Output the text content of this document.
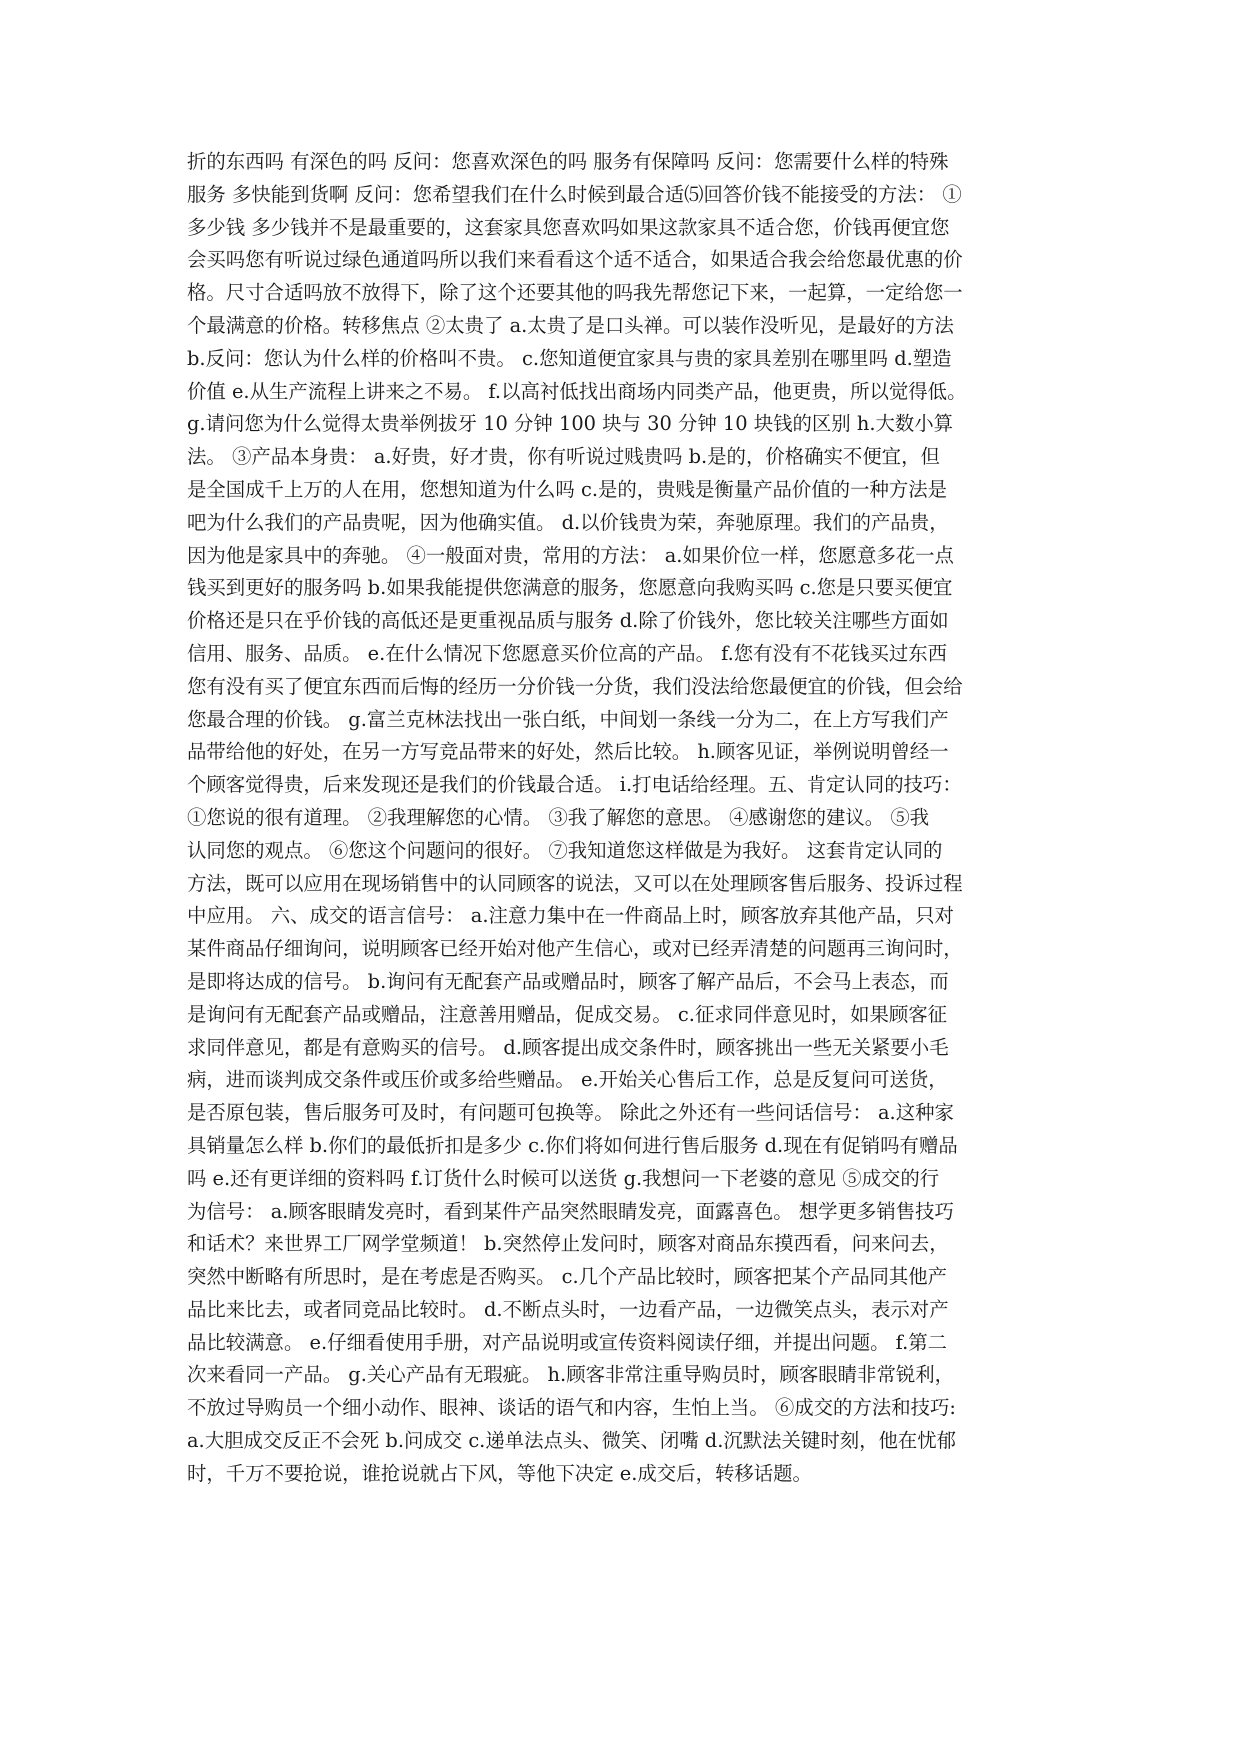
折的东西吗 有深色的吗 反问：您喜欢深色的吗 服务有保障吗 反问：您需要什么样的特殊
服务 多快能到货啊 反问：您希望我们在什么时候到最合适⑸回答价钱不能接受的方法： ①
多少钱 多少钱并不是最重要的，这套家具您喜欢吗如果这款家具不适合您，价钱再便宜您
会买吗您有听说过绿色通道吗所以我们来看看这个适不适合，如果适合我会给您最优惠的价
格。尺寸合适吗放不放得下，除了这个还要其他的吗我先帮您记下来，一起算，一定给您一
个最满意的价格。转移焦点 ②太贵了 a.太贵了是口头禅。可以装作没听见，是最好的方法
b.反问：您认为什么样的价格叫不贵。 c.您知道便宜家具与贵的家具差别在哪里吗 d.塑造
价值 e.从生产流程上讲来之不易。 f.以高衬低找出商场内同类产品，他更贵，所以觉得低。
g.请问您为什么觉得太贵举例拔牙 10 分钟 100 块与 30 分钟 10 块钱的区别 h.大数小算
法。 ③产品本身贵： a.好贵，好才贵，你有听说过贱贵吗 b.是的，价格确实不便宜，但
是全国成千上万的人在用，您想知道为什么吗 c.是的，贵贱是衡量产品价值的一种方法是
吧为什么我们的产品贵呢，因为他确实值。 d.以价钱贵为荣，奔驰原理。我们的产品贵，
因为他是家具中的奔驰。 ④一般面对贵，常用的方法： a.如果价位一样，您愿意多花一点
钱买到更好的服务吗 b.如果我能提供您满意的服务，您愿意向我购买吗 c.您是只要买便宜
价格还是只在乎价钱的高低还是更重视品质与服务 d.除了价钱外，您比较关注哪些方面如
信用、服务、品质。 e.在什么情况下您愿意买价位高的产品。 f.您有没有不花钱买过东西
您有没有买了便宜东西而后悔的经历一分价钱一分货，我们没法给您最便宜的价钱，但会给
您最合理的价钱。 g.富兰克林法找出一张白纸，中间划一条线一分为二，在上方写我们产
品带给他的好处，在另一方写竞品带来的好处，然后比较。 h.顾客见证，举例说明曾经一
个顾客觉得贵，后来发现还是我们的价钱最合适。 i.打电话给经理。五、肯定认同的技巧：
①您说的很有道理。 ②我理解您的心情。 ③我了解您的意思。 ④感谢您的建议。 ⑤我
认同您的观点。 ⑥您这个问题问的很好。 ⑦我知道您这样做是为我好。 这套肯定认同的
方法，既可以应用在现场销售中的认同顾客的说法，又可以在处理顾客售后服务、投诉过程
中应用。 六、成交的语言信号： a.注意力集中在一件商品上时，顾客放弃其他产品，只对
某件商品仔细询问，说明顾客已经开始对他产生信心，或对已经弄清楚的问题再三询问时，
是即将达成的信号。 b.询问有无配套产品或赠品时，顾客了解产品后，不会马上表态，而
是询问有无配套产品或赠品，注意善用赠品，促成交易。 c.征求同伴意见时，如果顾客征
求同伴意见，都是有意购买的信号。 d.顾客提出成交条件时，顾客挑出一些无关紧要小毛
病，进而谈判成交条件或压价或多给些赠品。 e.开始关心售后工作，总是反复问可送货，
是否原包装，售后服务可及时，有问题可包换等。 除此之外还有一些问话信号： a.这种家
具销量怎么样 b.你们的最低折扣是多少 c.你们将如何进行售后服务 d.现在有促销吗有赠品
吗 e.还有更详细的资料吗 f.订货什么时候可以送货 g.我想问一下老婆的意见 ⑤成交的行
为信号： a.顾客眼睛发亮时，看到某件产品突然眼睛发亮，面露喜色。 想学更多销售技巧
和话术？来世界工厂网学堂频道！ b.突然停止发问时，顾客对商品东摸西看，问来问去，
突然中断略有所思时，是在考虑是否购买。 c.几个产品比较时，顾客把某个产品同其他产
品比来比去，或者同竞品比较时。 d.不断点头时，一边看产品，一边微笑点头，表示对产
品比较满意。 e.仔细看使用手册，对产品说明或宣传资料阅读仔细，并提出问题。 f.第二
次来看同一产品。 g.关心产品有无瑕疵。 h.顾客非常注重导购员时，顾客眼睛非常锐利，
不放过导购员一个细小动作、眼神、谈话的语气和内容，生怕上当。 ⑥成交的方法和技巧:
a.大胆成交反正不会死 b.问成交 c.递单法点头、微笑、闭嘴 d.沉默法关键时刻，他在忧郁
时，千万不要抢说，谁抢说就占下风，等他下决定 e.成交后，转移话题。
